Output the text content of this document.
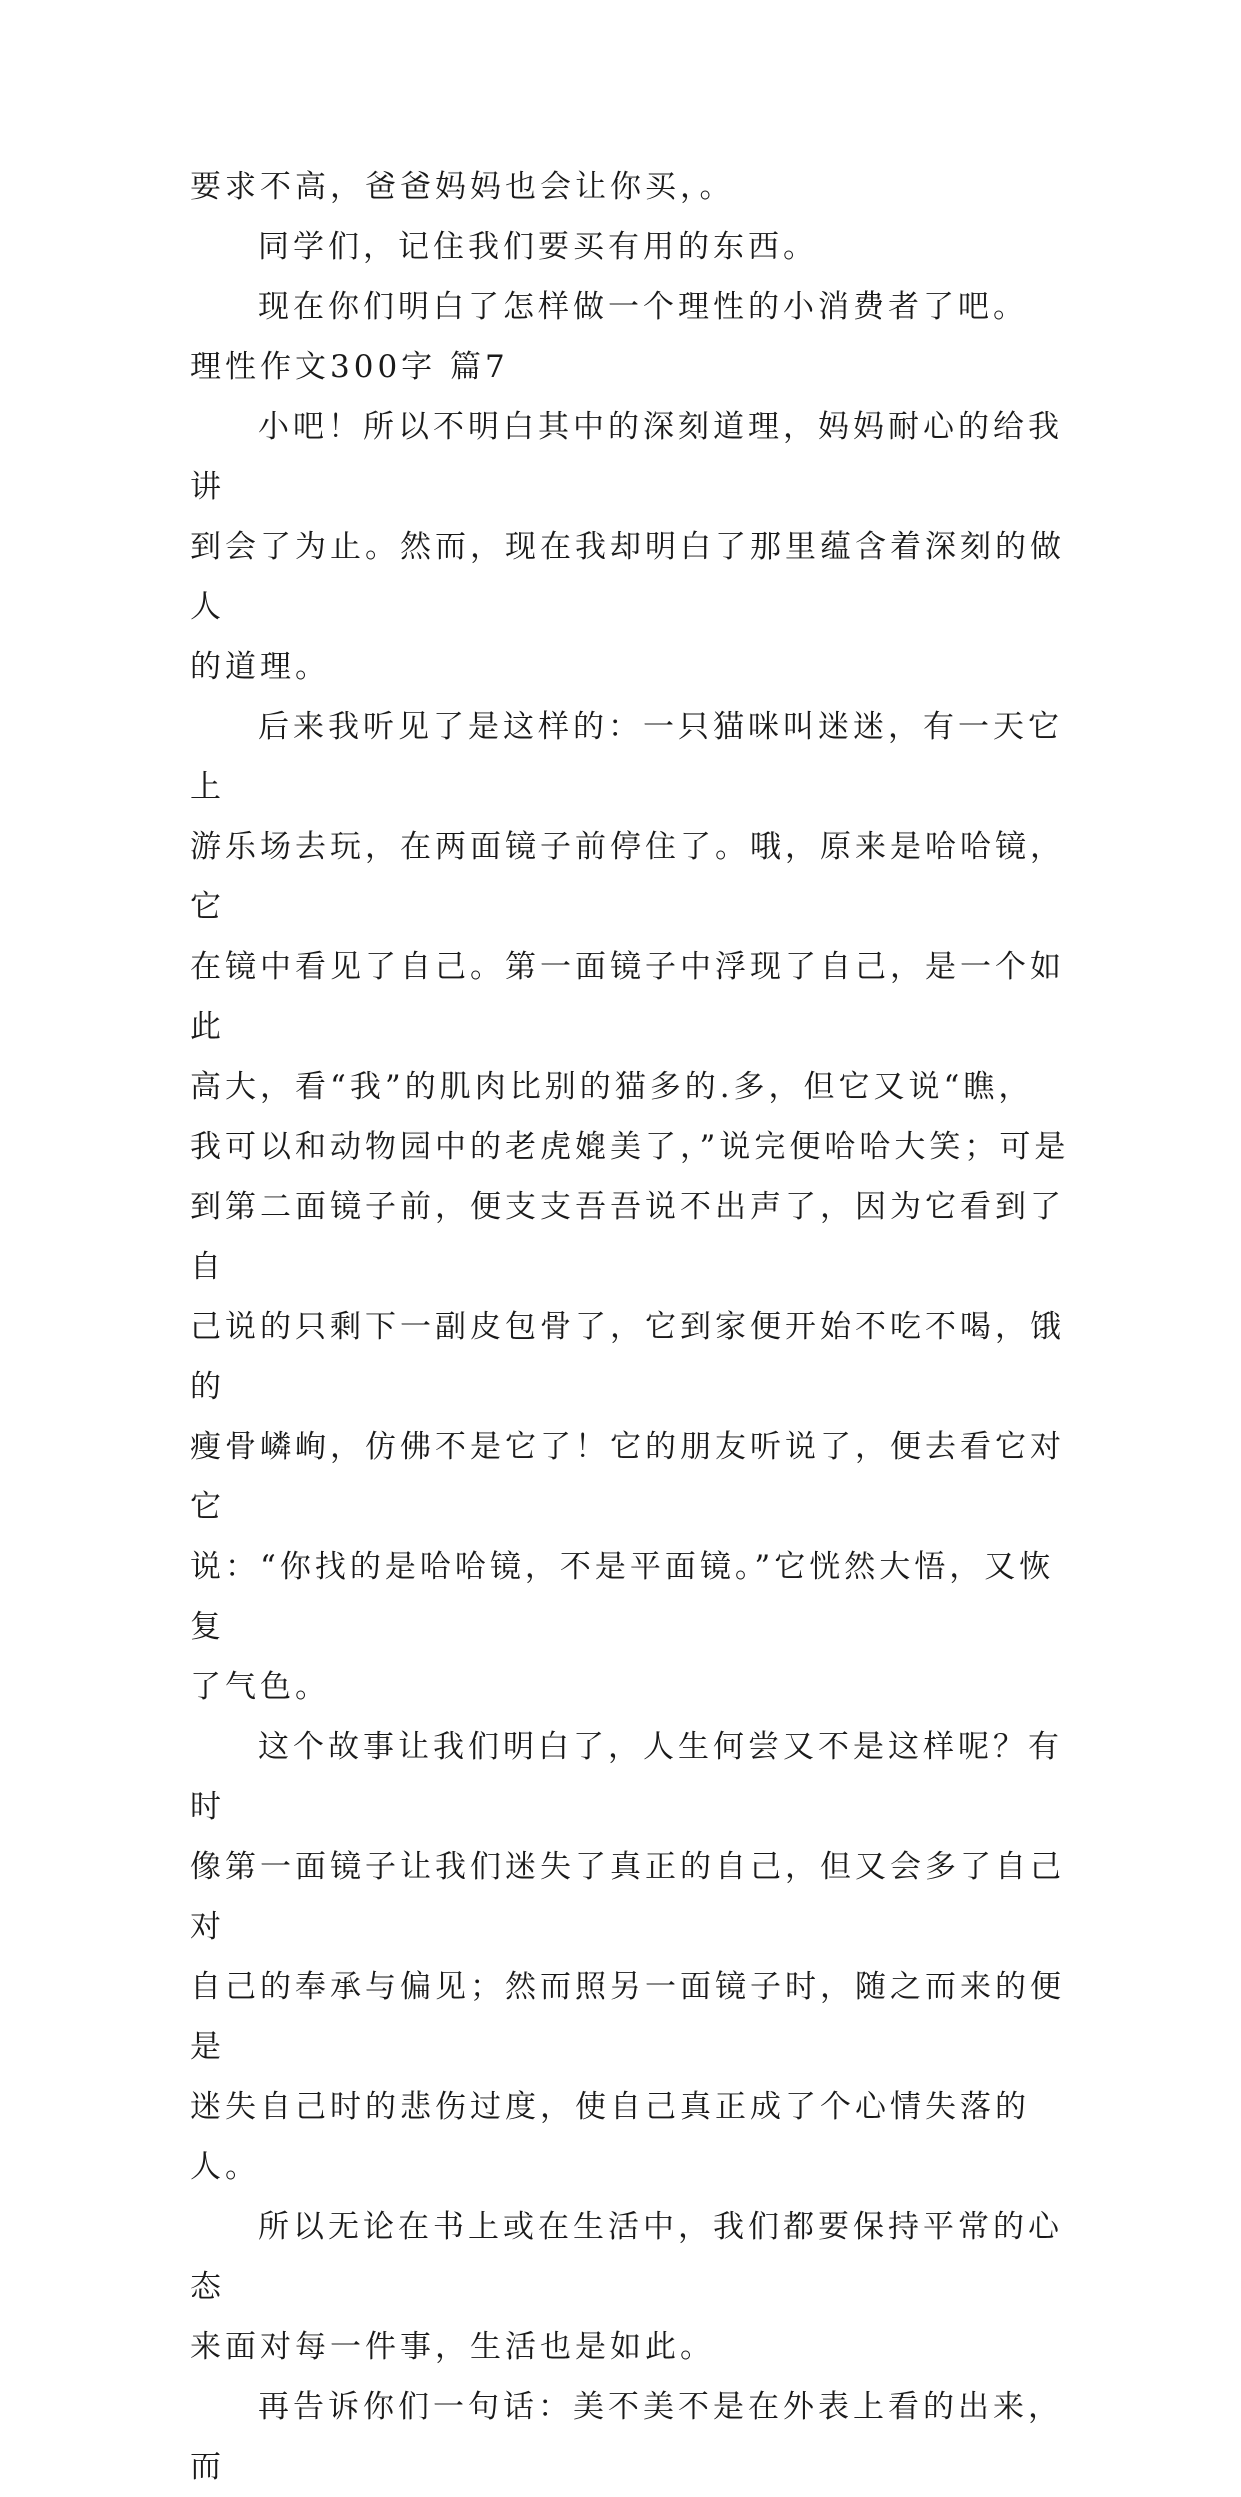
要求不高，爸爸妈妈也会让你买，。

同学们，记住我们要买有用的东西。

现在你们明白了怎样做一个理性的小消费者了吧。

理性作文300字 篇7

小吧！所以不明白其中的深刻道理，妈妈耐心的给我讲
到会了为止。然而，现在我却明白了那里蕴含着深刻的做人
的道理。

后来我听见了是这样的：一只猫咪叫迷迷，有一天它上
游乐场去玩，在两面镜子前停住了。哦，原来是哈哈镜，它
在镜中看见了自己。第一面镜子中浮现了自己，是一个如此
高大，看“我”的肌肉比别的猫多的.多，但它又说“瞧，
我可以和动物园中的老虎媲美了，”说完便哈哈大笑；可是
到第二面镜子前，便支支吾吾说不出声了，因为它看到了自
己说的只剩下一副皮包骨了，它到家便开始不吃不喝，饿的
瘦骨嶙峋，仿佛不是它了！它的朋友听说了，便去看它对它
说：“你找的是哈哈镜，不是平面镜。”它恍然大悟，又恢复
了气色。

这个故事让我们明白了，人生何尝又不是这样呢？有时
像第一面镜子让我们迷失了真正的自己，但又会多了自己对
自己的奉承与偏见；然而照另一面镜子时，随之而来的便是
迷失自己时的悲伤过度，使自己真正成了个心情失落的人。

所以无论在书上或在生活中，我们都要保持平常的心态
来面对每一件事，生活也是如此。

再告诉你们一句话：美不美不是在外表上看的出来，而
